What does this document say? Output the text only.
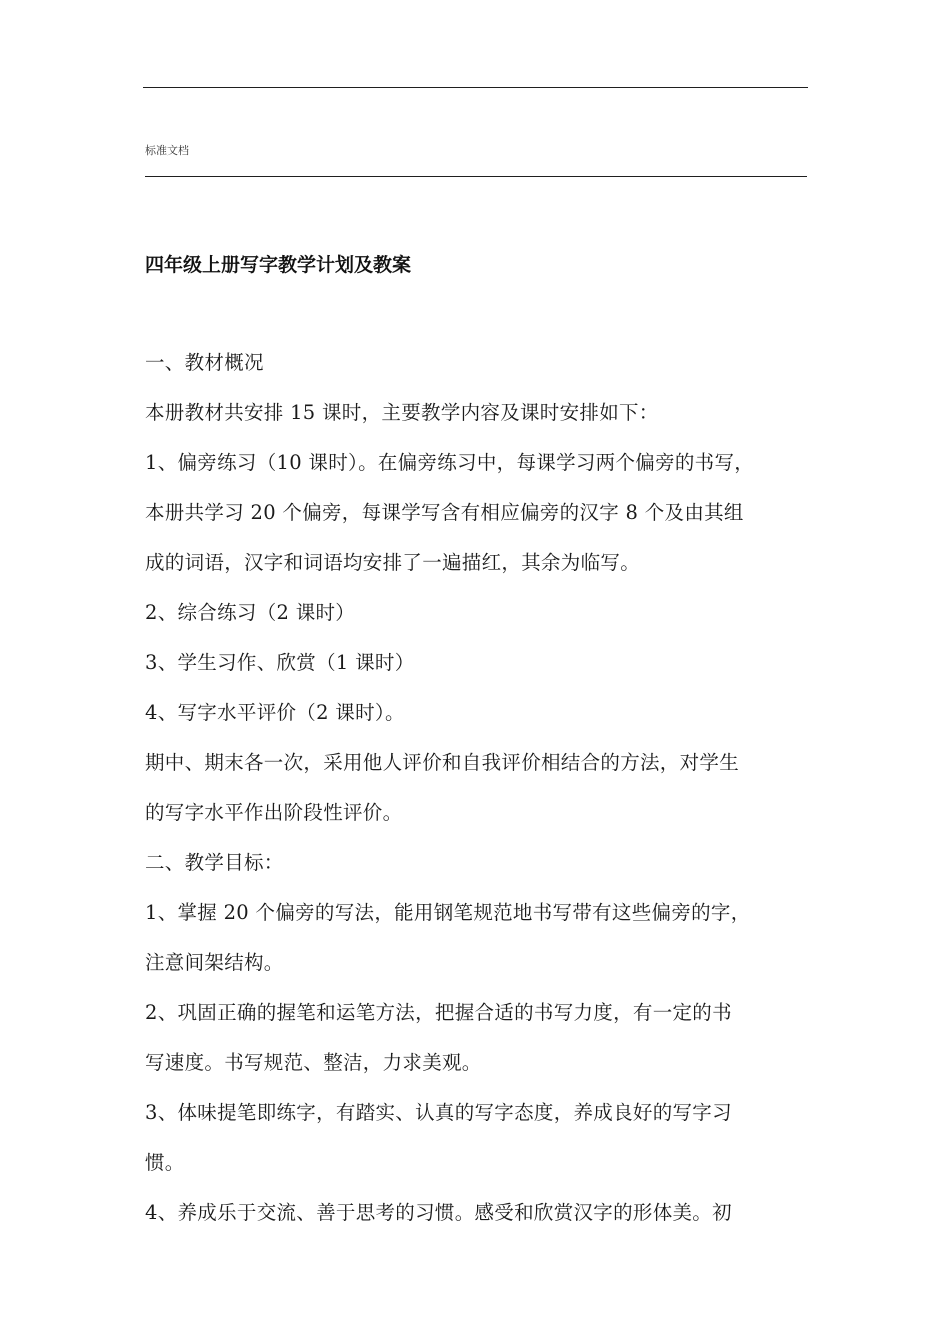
标准文档
四年级上册写字教学计划及教案
一、教材概况
本册教材共安排 15 课时，主要教学内容及课时安排如下：
1、偏旁练习（10 课时）。在偏旁练习中，每课学习两个偏旁的书写，
本册共学习 20 个偏旁，每课学写含有相应偏旁的汉字 8 个及由其组
成的词语，汉字和词语均安排了一遍描红，其余为临写。
2、综合练习（2 课时）
3、学生习作、欣赏（1 课时）
4、写字水平评价（2 课时）。
期中、期末各一次，采用他人评价和自我评价相结合的方法，对学生
的写字水平作出阶段性评价。
二、教学目标：
1、掌握 20 个偏旁的写法，能用钢笔规范地书写带有这些偏旁的字，
注意间架结构。
2、巩固正确的握笔和运笔方法，把握合适的书写力度，有一定的书
写速度。书写规范、整洁，力求美观。
3、体味提笔即练字，有踏实、认真的写字态度，养成良好的写字习
惯。
4、养成乐于交流、善于思考的习惯。感受和欣赏汉字的形体美。初
